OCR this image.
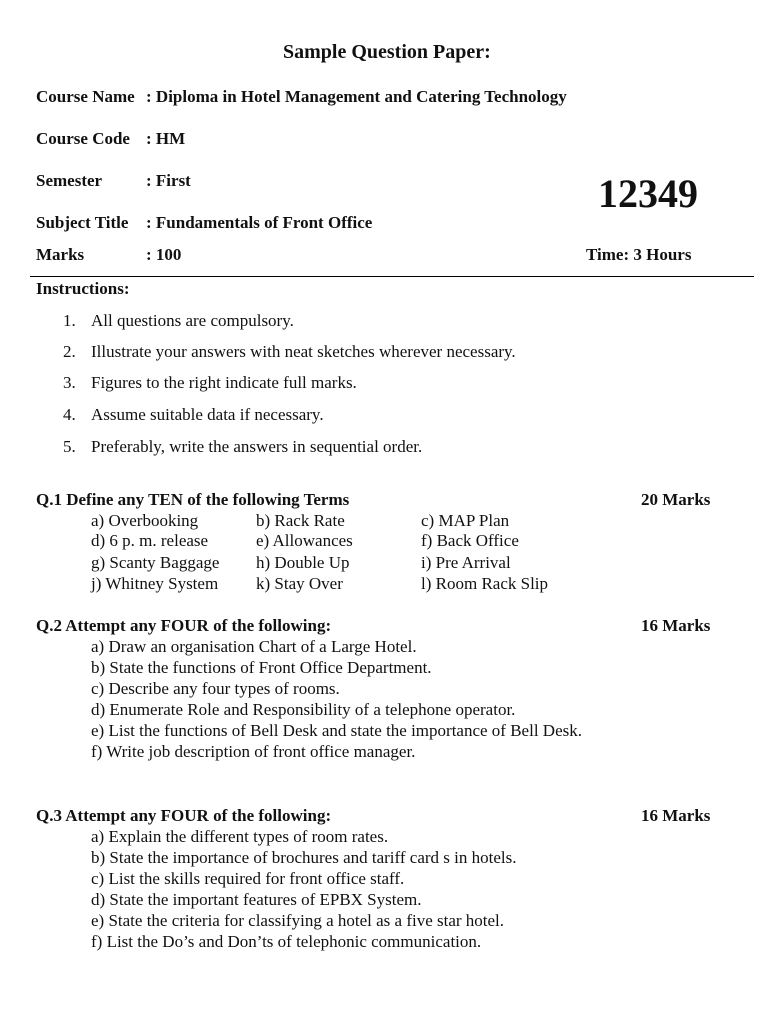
Sample Question Paper:
Course Name : Diploma in Hotel Management and Catering Technology
Course Code : HM
Semester	: First	12349
Subject Title : Fundamentals of Front Office
Marks	: 100	Time: 3 Hours
Instructions:
1. All questions are compulsory.
2. Illustrate your answers with neat sketches wherever necessary.
3. Figures to the right indicate full marks.
4. Assume suitable data if necessary.
5. Preferably, write the answers in sequential order.
Q.1 Define any TEN of the following Terms	20 Marks
a) Overbooking	b) Rack Rate	c) MAP Plan
d) 6 p. m. release	e) Allowances	f) Back Office
g) Scanty Baggage h) Double Up	i) Pre Arrival
j) Whitney System k) Stay Over	l) Room Rack Slip
Q.2 Attempt any FOUR of the following:	16 Marks
a) Draw an organisation Chart of a Large Hotel.
b) State the functions of Front Office Department.
c) Describe any four types of rooms.
d) Enumerate Role and Responsibility of a telephone operator.
e) List the functions of Bell Desk and state the importance of Bell Desk.
f) Write job description of front office manager.
Q.3 Attempt any FOUR of the following:	16 Marks
a) Explain the different types of room rates.
b) State the importance of brochures and tariff card s in hotels.
c) List the skills required for front office staff.
d) State the important features of EPBX System.
e) State the criteria for classifying a hotel as a five star hotel.
f) List the Do’s and Don’ts of telephonic communication.
